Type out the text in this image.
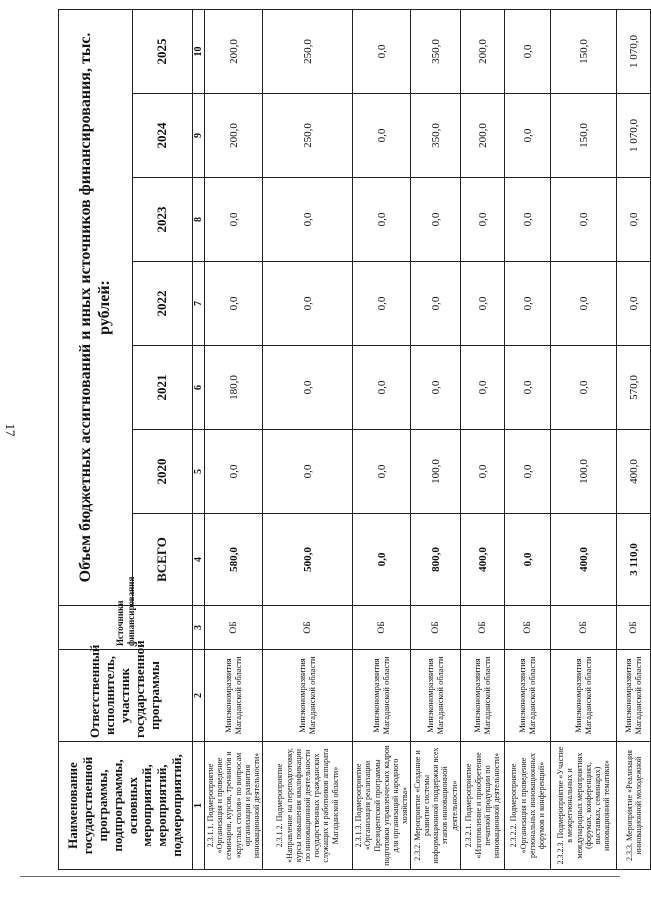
17
Наименование государственной программы, подпрограммы, основных мероприятий, мероприятий, подмероприятий,	Ответственный исполнитель, участник государственной программы	Источники финансирования	Объем бюджетных ассигнований и иных источников финансирования, тыс. рублей:						
			ВСЕГО	2020	2021	2022	2023	2024	2025
1	2	3	4	5	6	7	8	9	10
2.3.1.1. Подмероприятие «Организация и проведение семинаров, курсов, тренингов и «круглых столов» по вопросам организации и развития инновационной деятельности»	Минэкономразвития Магаданской области	ОБ	580,0	0,0	180,0	0,0	0,0	200,0	200,0
2.3.1.2. Подмероприятие «Направление на переподготовку, курсы повышения квалификации по инновационной деятельности государственных гражданских служащих и работников аппарата Магаданской области»	Минэкономразвития Магаданской области	ОБ	500,0	0,0	0,0	0,0	0,0	250,0	250,0
2.3.1.3. Подмероприятие «Организация реализации Президентской программы подготовки управленческих кадров для организаций народного хозяйства»	Минэкономразвития Магаданской области	ОБ	0,0	0,0	0,0	0,0	0,0	0,0	0,0
2.3.2. Мероприятие «Создание и развитие системы информационной поддержки всех этапов инновационной деятельности»	Минэкономразвития Магаданской области	ОБ	800,0	100,0	0,0	0,0	0,0	350,0	350,0
2.3.2.1. Подмероприятие «Изготовление и приобретение печатной продукции по инновационной деятельности»	Минэкономразвития Магаданской области	ОБ	400,0	0,0	0,0	0,0	0,0	200,0	200,0
2.3.2.2. Подмероприятие «Организация и проведение региональных инновационных форумов и конференций»	Минэкономразвития Магаданской области	ОБ	0,0	0,0	0,0	0,0	0,0	0,0	0,0
2.3.2.3. Подмероприятие «Участие в межрегиональных и международных мероприятиях (форумах, конференциях, выставках, семинарах) инновационной тематики»	Минэкономразвития Магаданской области	ОБ	400,0	100,0	0,0	0,0	0,0	150,0	150,0
2.3.3. Мероприятие «Реализация инновационной молодежной	Минэкономразвития Магаданской области	ОБ	3 110,0	400,0	570,0	0,0	0,0	1 070,0	1 070,0
